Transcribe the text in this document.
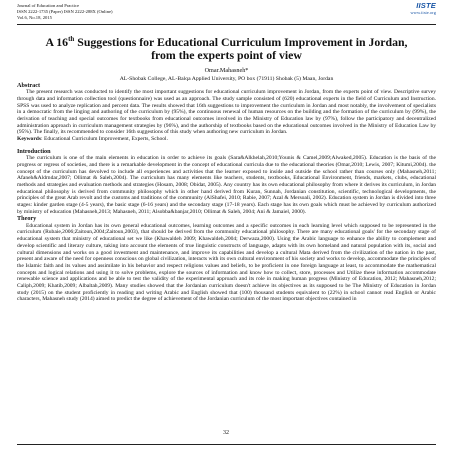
Journal of Education and Practice
ISSN 2222-1735 (Paper) ISSN 2222-288X (Online)
Vol.6, No.18, 2015
IISTE
www.iiste.org
A 16th Suggestions for Educational Curriculum Improvement in Jordan, from the experts point of view
Omar.Mahasneh*
AL-Shobak College, AL-Balqa Applied University, PO box (71911) Shobak (5) Maan, Jordan
Abstract

The present research was conducted to identify the most important suggestions for educational curriculum improvement in Jordan, from the experts point of view. Descriptive survey through data and information collection tool (questionnaire) was used as an approach. The study sample consisted of (620) educational experts in the field of Curriculum and Instruction. SPSS was used to analyze replication and percent data. The results showed that 16th suggestions to improvement the curriculum in Jordan and most notably, the involvement of specialists in a democratic from the linging and authoring of the curriculum by (95%), the continuous renewal of human resources on the building and the formation of the curriculum by (99%), the derivation of teaching and special outcomes for textbooks from educational outcomes involved in the Ministry of Education law by (97%), follow the participatory and decentralized administration approach in curriculum management strategies by (96%), and the authorship of textbooks based on the educational outcomes involved in the Ministry of Education Law by (95%). The finally, its recommended to consider 16th suggestions of this study when authoring new curriculum in Jordan.

Keywords: Educational Curriculum Improvement, Experts, School.
Introduction

The curriculum is one of the main elements in education in order to achieve its goals (Sara&Alkhelah,2010;Younis & Camel,2009;Alwaked,2005). Education is the basis of the progress or regress of societies, and there is a remarkable development in the concept of educational curricula due to the educational theories (Omar,2010; Lewis, 2007; Kitumi,2004). the concept of the curriculum has devolved to include all experiences and activities that the learner exposed to inside and outside the school rather than courses only (Mahasneh,2011; Afaneh&Aldrndar,2007; Ollimat & Saleh,2004). The curriculum has many elements like teachers, students, textbooks, Educational Environment, friends, markets, clubs, educational methods and strategies and evaluation methods and strategies (Hosam, 2008; Obidat, 2005). Any country has its own educational philosophy from where it derives its curriculum, in Jordan educational philosophy is derived from community philosophy which in other hand derived from Kuran, Sunnah, Jordanian constitution, scientific, technological developments, the principles of the great Arab revolt and the customs and traditions of the community (AlShafei, 2010; Rabie, 2007; Azal & Mersoali, 2002). Education system in Jordan is divided into three stages: kinder garden stage (4-5 years), the basic stage (6-16 years) and the secondary stage (17-18 years). Each stage has its own goals which must be achieved by curriculum authorized by ministry of education (Mahasneh,2013; Mahasneh, 2011; Alsobba&banjar,2010; Ollimat & Saleh, 2004; Ani & Jamaiel, 2000).

Theory

Educational system in Jordan has its own general educational outcomes, learning outcomes and a specific outcomes in each learning level which supposed to be represented in the curriculum (Rubaie,2006;Zaitoun,2004;Zaitoun,2003), that should be derived from the community educational philosophy. There are many educational goals' for the secondary stage of educational system that ministry of educational set we like (Khawaldeh 2009; Khawaldeh,2004; Derwaza,2000). Using the Arabic language to enhance the ability to complement and develop scientific and literary culture, taking into account the elements of true linguistic constructs of language, adapts with its own homeland and natural population with its, social and cultural dimensions and works on a good investment and maintenance, and improve its capabilities and develop a cultural Mata derived from the civilization of the nation in the past, present and aware of the need for openness conscious on global civilization, interacts with its own cultural environment of his society and works to develop, accommodate the principles of the Islamic faith and its values and assimilate in his behavior and respect religions values and beliefs, to be proficient in one foreign language at least, to accommodate the mathematical concepts and logical relations and using it to solve problems, explore the sources of information and know how to collect, store, processes and Utilize these information accommodate renewable science and applications and be able to test the validity of the experimental approach and its role in making human progress (Ministry of Education, 2012; Mahasneh,2012; Caliph,2009; Khatib,2009; Albaltah,2009). Many studies showed that the Jordanian curriculum doesn't achieve its objectives as its supposed to be The Ministry of Education in Jordan study (2015) on the student proficiently in reading and writing Arabic and English showed that (100) thousand students equivalent to (22%) in school cannot read English or Arabic characters, Mahasneh study (2014) aimed to predict the degree of achievement of the Jordanian curriculum of the most important objectives contained in

32
